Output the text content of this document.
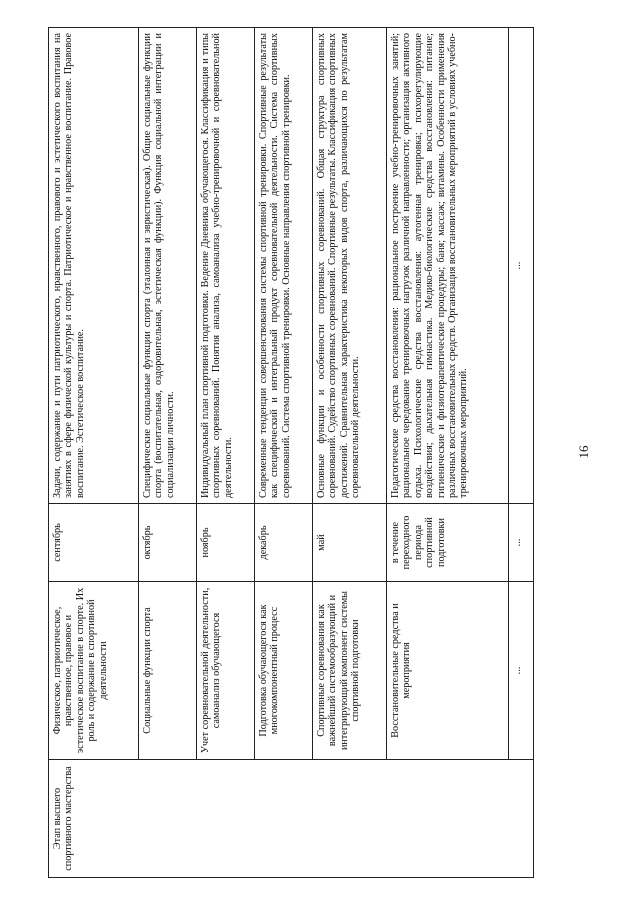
16
Этап высшего спортивного мастерства	Физическое, патриотическое, нравственное, правовое и эстетическое воспитание в спорте. Их роль и содержание в спортивной деятельности	сентябрь	Задачи, содержание и пути патриотического, нравственного, правового и эстетического воспитания на занятиях в сфере физической культуры и спорта. Патриотическое и нравственное воспитание. Правовое воспитание. Эстетическое воспитание.
	Социальные функции спорта	октябрь	Специфические социальные функции спорта (эталонная и эвристическая). Общие социальные функции спорта (воспитательная, оздоровительная, эстетическая функции). Функция социальной интеграции и социализации личности.
	Учет соревновательной деятельности, самоанализ обучающегося	ноябрь	Индивидуальный план спортивной подготовки. Ведение Дневника обучающегося. Классификация и типы спортивных соревнований. Понятия анализа, самоанализа учебно-тренировочной и соревновательной деятельности.
	Подготовка обучающегося как многокомпонентный процесс	декабрь	Современные тенденции совершенствования системы спортивной тренировки. Спортивные результаты как специфический и интегральный продукт соревновательной деятельности. Система спортивных соревнований. Система спортивной тренировки. Основные направления спортивной тренировки.
	Спортивные соревнования как важнейший системообразующий и интегрирующий компонент системы спортивной подготовки	май	Основные функции и особенности спортивных соревнований. Общая структура спортивных соревнований. Судейство спортивных соревнований. Спортивные результаты. Классификация спортивных достижений. Сравнительная характеристика некоторых видов спорта, различающихся по результатам соревновательной деятельности.
	Восстановительные средства и мероприятия	в течение переходного периода спортивной подготовки	Педагогические средства восстановления: рациональное построение учебно-тренировочных занятий; рациональное чередование тренировочных нагрузок различной направленности; организация активного отдыха. Психологические средства восстановления: аутогенная тренировка; психорегулирующие воздействия; дыхательная гимнастика. Медико-биологические средства восстановления: питание; гигиенические и физиотерапевтические процедуры; баня; массаж; витамины. Особенности применения различных восстановительных средств. Организация восстановительных мероприятий в условиях учебно-тренировочных мероприятий.
	...	...	...
